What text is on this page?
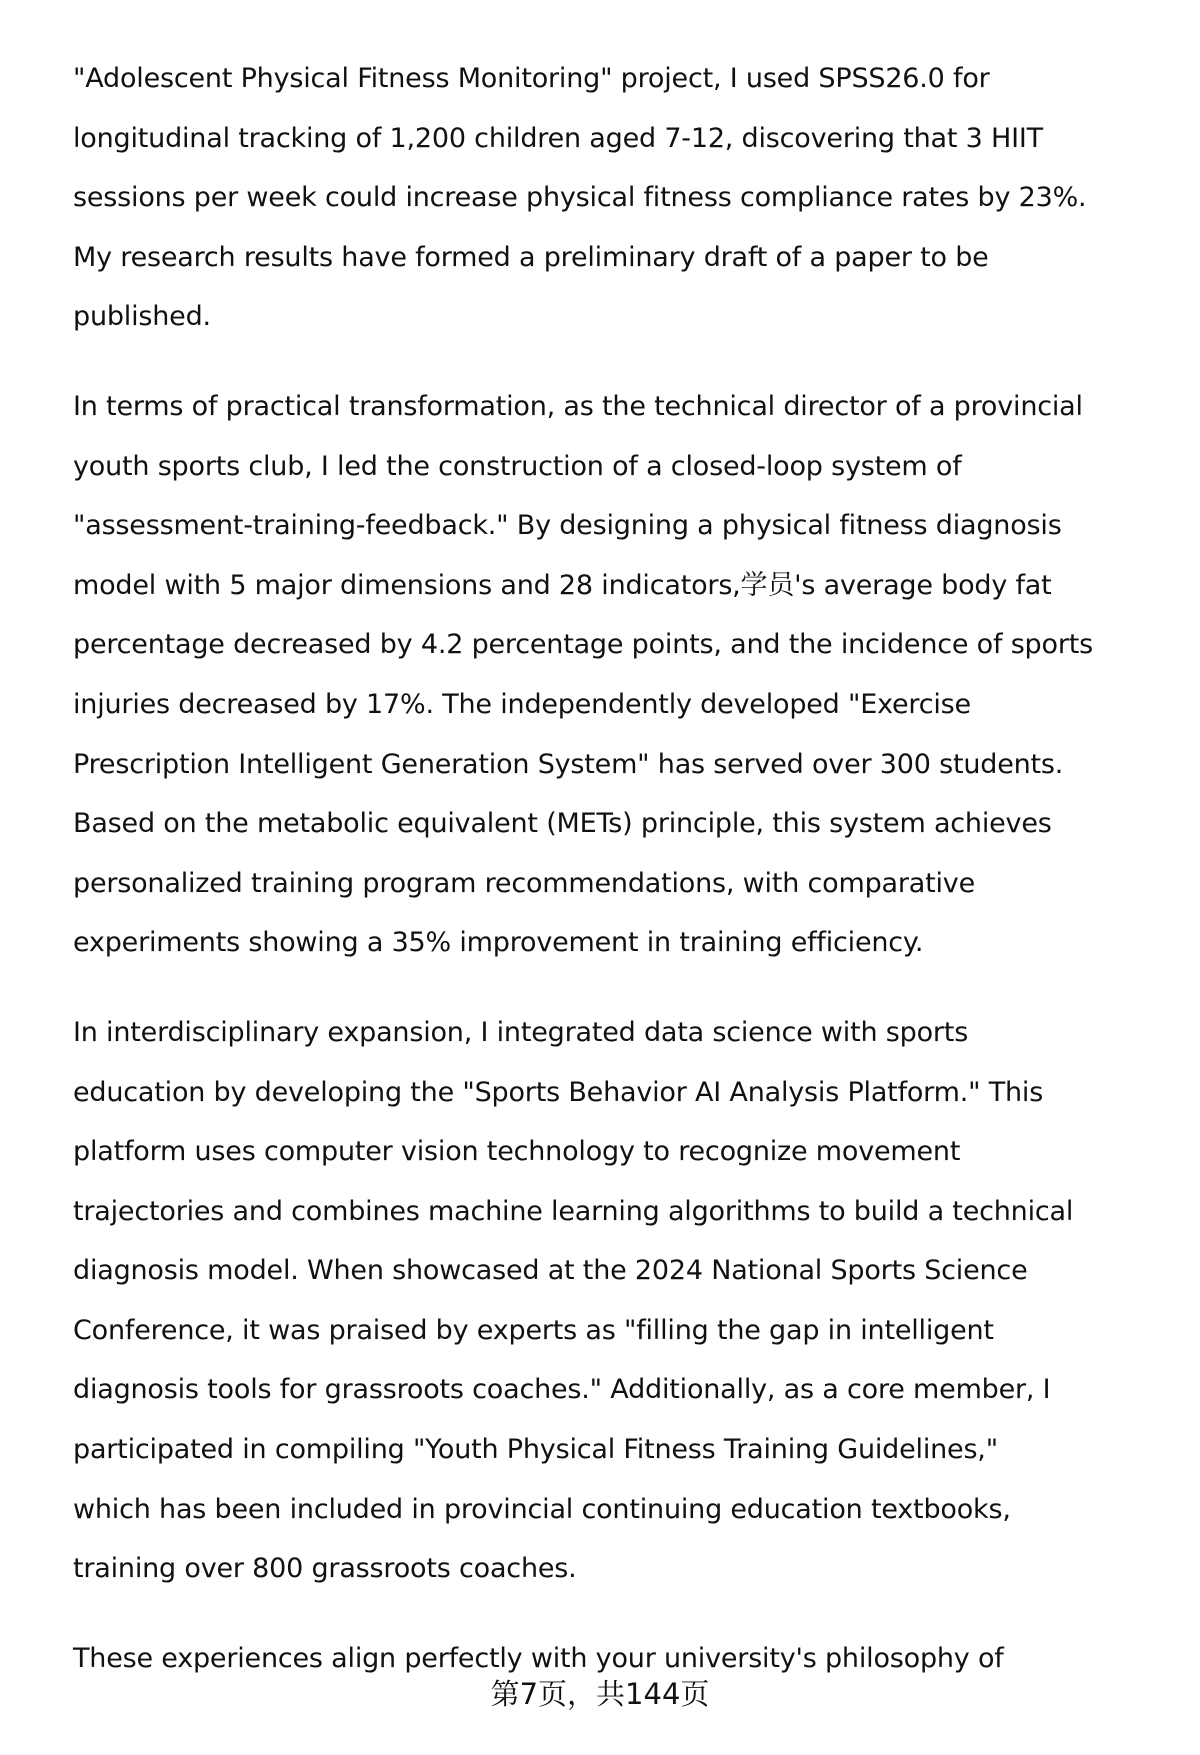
"Adolescent Physical Fitness Monitoring" project, I used SPSS26.0 for
longitudinal tracking of 1,200 children aged 7-12, discovering that 3 HIIT
sessions per week could increase physical fitness compliance rates by 23%.
My research results have formed a preliminary draft of a paper to be
published.
In terms of practical transformation, as the technical director of a provincial
youth sports club, I led the construction of a closed-loop system of
"assessment-training-feedback." By designing a physical fitness diagnosis
model with 5 major dimensions and 28 indicators,学员's average body fat
percentage decreased by 4.2 percentage points, and the incidence of sports
injuries decreased by 17%. The independently developed "Exercise
Prescription Intelligent Generation System" has served over 300 students.
Based on the metabolic equivalent (METs) principle, this system achieves
personalized training program recommendations, with comparative
experiments showing a 35% improvement in training efficiency.
In interdisciplinary expansion, I integrated data science with sports
education by developing the "Sports Behavior AI Analysis Platform." This
platform uses computer vision technology to recognize movement
trajectories and combines machine learning algorithms to build a technical
diagnosis model. When showcased at the 2024 National Sports Science
Conference, it was praised by experts as "filling the gap in intelligent
diagnosis tools for grassroots coaches." Additionally, as a core member, I
participated in compiling "Youth Physical Fitness Training Guidelines,"
which has been included in provincial continuing education textbooks,
training over 800 grassroots coaches.
These experiences align perfectly with your university's philosophy of
第7页，共144页
